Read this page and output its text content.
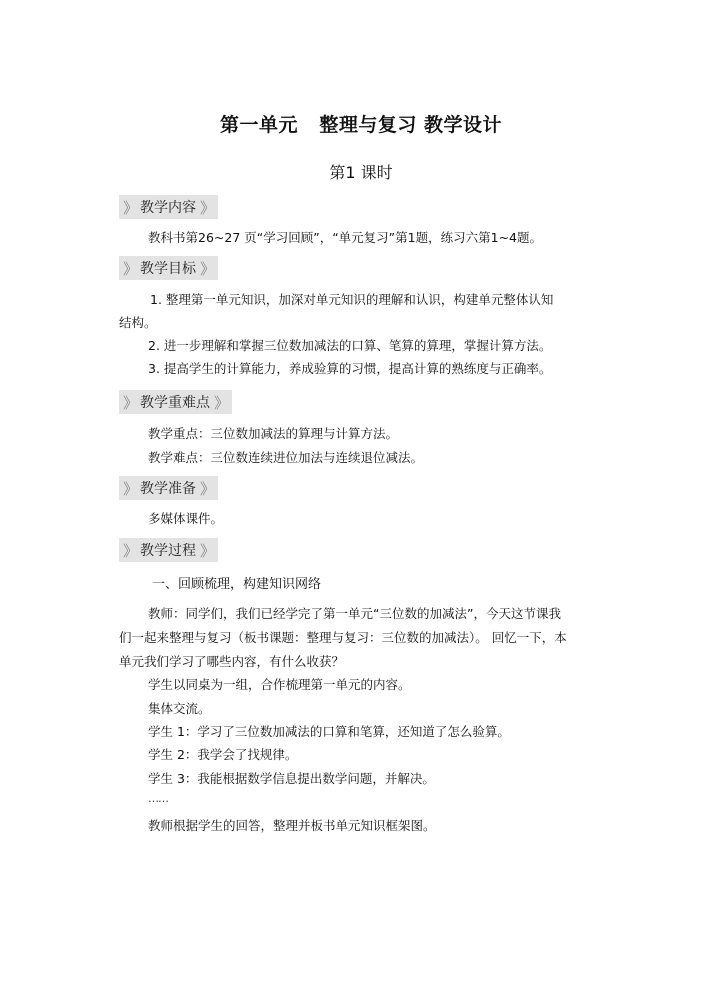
第一单元   整理与复习 教学设计
第1 课时
》 教学内容 》
教科书第26~27 页“学习回顾”，“单元复习”第1题，练习六第1~4题。
》 教学目标 》
1. 整理第一单元知识，加深对单元知识的理解和认识，构建单元整体认知
结构。
2. 进一步理解和掌握三位数加减法的口算、笔算的算理，掌握计算方法。
3. 提高学生的计算能力，养成验算的习惯，提高计算的熟练度与正确率。
》 教学重难点 》
教学重点：三位数加减法的算理与计算方法。
教学难点：三位数连续进位加法与连续退位减法。
》 教学准备 》
多媒体课件。
》 教学过程 》
一、回顾梳理，构建知识网络
教师：同学们，我们已经学完了第一单元“三位数的加减法”，今天这节课我
们一起来整理与复习（板书课题：整理与复习：三位数的加减法）。 回忆一下，本
单元我们学习了哪些内容，有什么收获？
学生以同桌为一组，合作梳理第一单元的内容。
集体交流。
学生 1：学习了三位数加减法的口算和笔算，还知道了怎么验算。
学生 2：我学会了找规律。
学生 3：我能根据数学信息提出数学问题，并解决。
……
教师根据学生的回答，整理并板书单元知识框架图。
